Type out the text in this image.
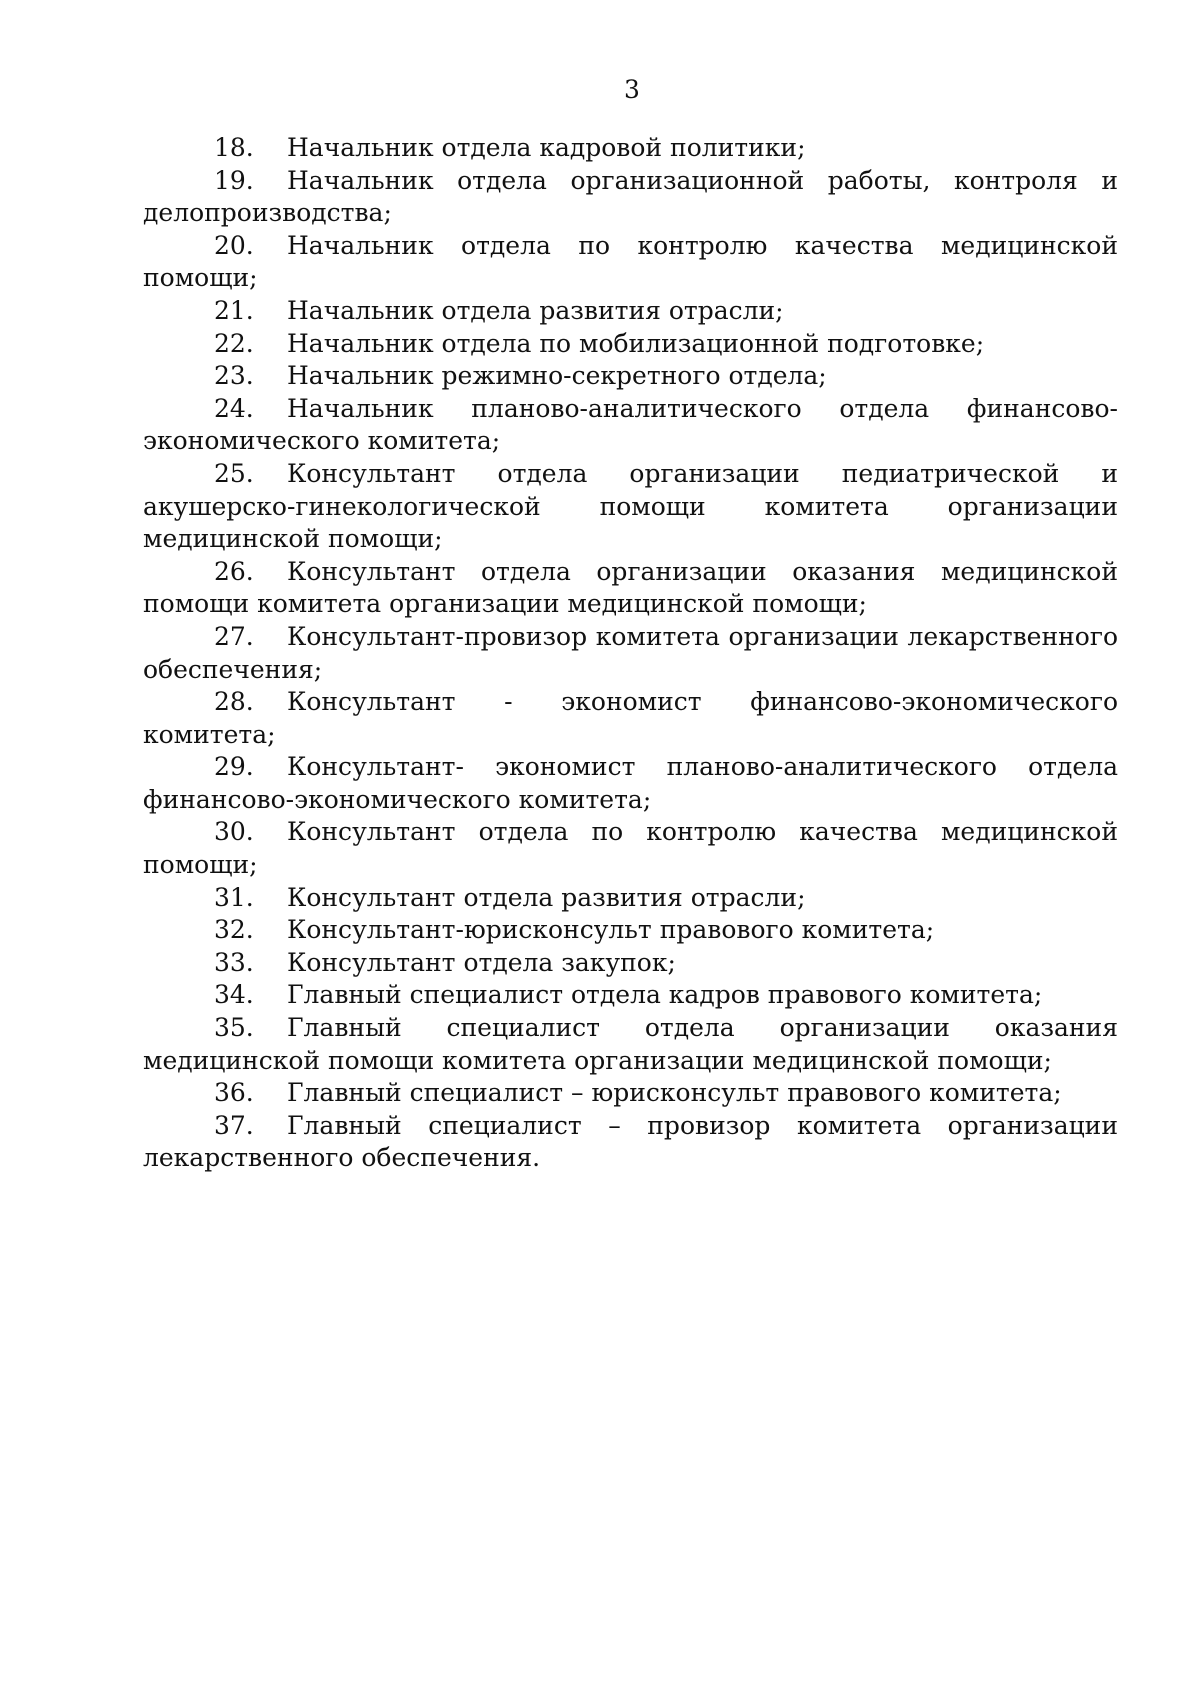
3
18. Начальник отдела кадровой политики;
19. Начальник отдела организационной работы, контроля и делопроизводства;
20. Начальник отдела по контролю качества медицинской помощи;
21. Начальник отдела развития отрасли;
22. Начальник отдела по мобилизационной подготовке;
23. Начальник режимно-секретного отдела;
24. Начальник планово-аналитического отдела финансово-экономического комитета;
25. Консультант отдела организации педиатрической и акушерско-гинекологической помощи комитета организации медицинской помощи;
26. Консультант отдела организации оказания медицинской помощи комитета организации медицинской помощи;
27. Консультант-провизор комитета организации лекарственного обеспечения;
28. Консультант - экономист финансово-экономического комитета;
29. Консультант- экономист планово-аналитического отдела финансово-экономического комитета;
30. Консультант отдела по контролю качества медицинской помощи;
31. Консультант отдела развития отрасли;
32. Консультант-юрисконсульт правового комитета;
33. Консультант отдела закупок;
34. Главный специалист отдела кадров правового комитета;
35. Главный специалист отдела организации оказания медицинской помощи комитета организации медицинской помощи;
36. Главный специалист – юрисконсульт правового комитета;
37. Главный специалист – провизор комитета организации лекарственного обеспечения.
